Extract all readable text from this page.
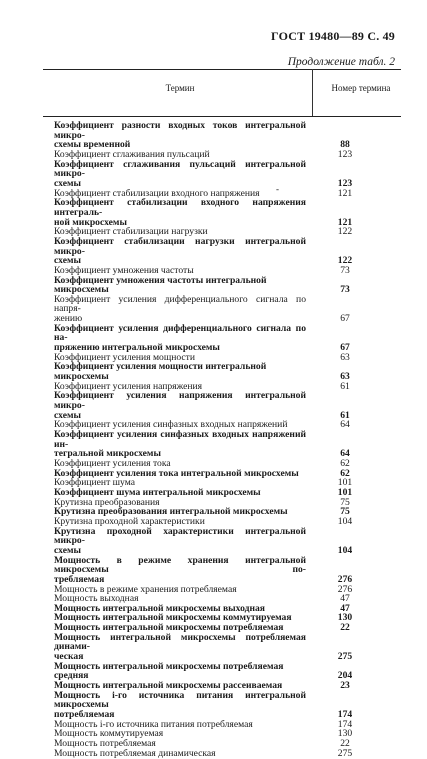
ГОСТ 19480—89 С. 49
Продолжение табл. 2
Термин	Номер термина
-
Коэффициент разности входных токов интегральной микро-
схемы временной	88
Коэффициент сглаживания пульсаций	123
Коэффициент сглаживания пульсаций интегральной микро-
схемы	123
Коэффициент стабилизации входного напряжения	121
Коэффициент стабилизации входного напряжения интеграль-
ной микросхемы	121
Коэффициент стабилизации нагрузки	122
Коэффициент стабилизации нагрузки интегральной микро-
схемы	122
Коэффициент умножения частоты	73
Коэффициент умножения частоты интегральной микросхемы	73
Коэффициент усиления дифференциального сигнала по напря-
жению	67
Коэффициент усиления дифференциального сигнала по на-
пряжению интегральной микросхемы	67
Коэффициент усиления мощности	63
Коэффициент усиления мощности интегральной микросхемы	63
Коэффициент усиления напряжения	61
Коэффициент усиления напряжения интегральной микро-
схемы	61
Коэффициент усиления синфазных входных напряжений	64
Коэффициент усиления синфазных входных напряжений ин-
тегральной микросхемы	64
Коэффициент усиления тока	62
Коэффициент усиления тока интегральной микросхемы	62
Коэффициент шума	101
Коэффициент шума интегральной микросхемы	101
Крутизна преобразования	75
Крутизна преобразования интегральной микросхемы	75
Крутизна проходной характеристики	104
Крутизна проходной характеристики интегральной микро-
схемы	104
Мощность в режиме хранения интегральной микросхемы по-
требляемая	276
Мощность в режиме хранения потребляемая	276
Мощность выходная	47
Мощность интегральной микросхемы выходная	47
Мощность интегральной микросхемы коммутируемая	130
Мощность интегральной микросхемы потребляемая	22
Мощность интегральной микросхемы потребляемая динами-
ческая	275
Мощность интегральной микросхемы потребляемая средняя	204
Мощность интегральной микросхемы рассеиваемая	23
Мощность i-го источника питания интегральной микросхемы
потребляемая	174
Мощность i-го источника питания потребляемая	174
Мощность коммутируемая	130
Мощность потребляемая	22
Мощность потребляемая динамическая	275
